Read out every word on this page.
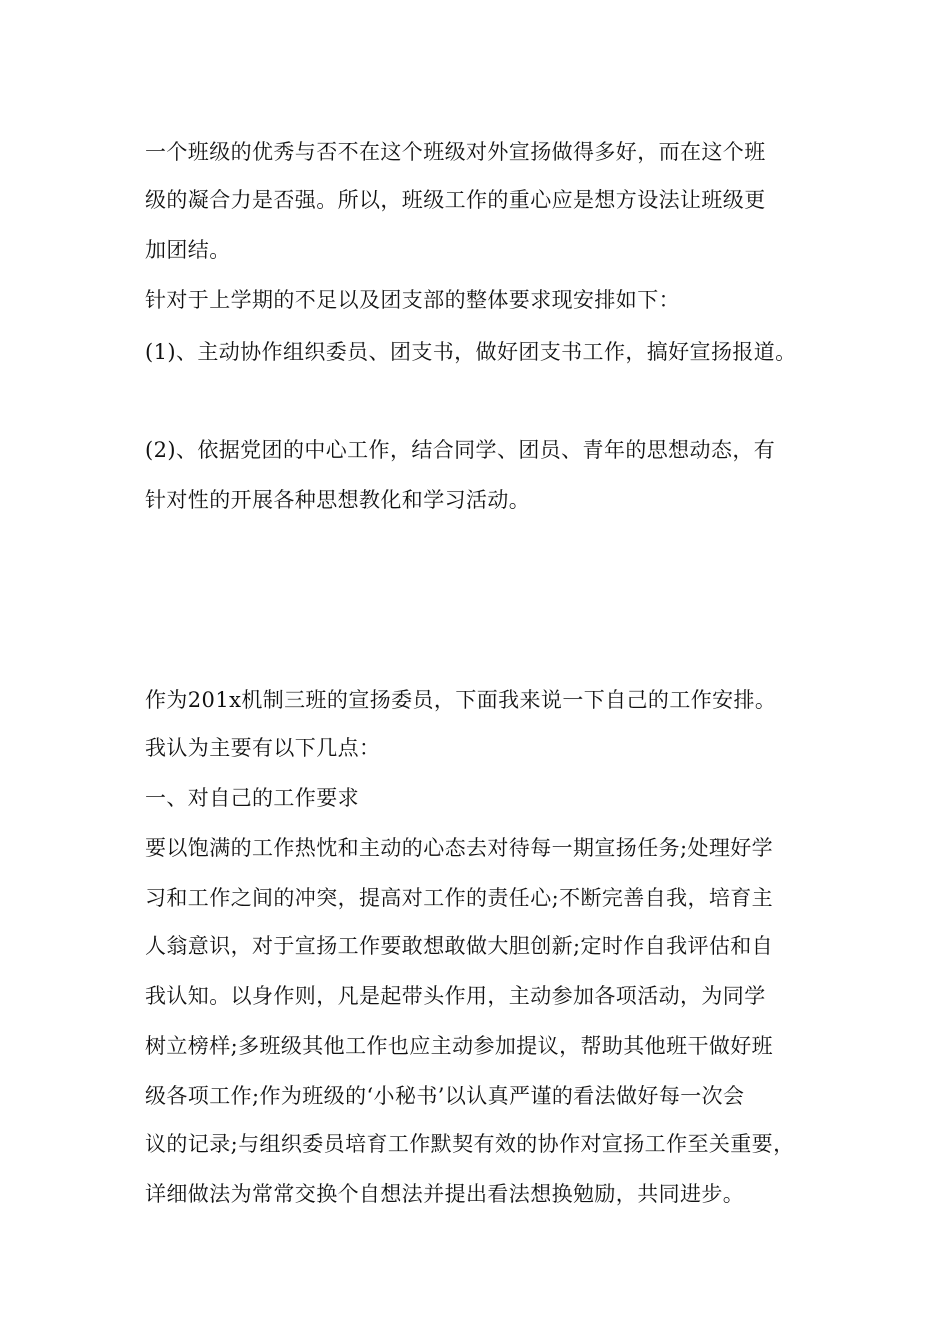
一个班级的优秀与否不在这个班级对外宣扬做得多好，而在这个班
级的凝合力是否强。所以，班级工作的重心应是想方设法让班级更
加团结。
针对于上学期的不足以及团支部的整体要求现安排如下：
(1)、主动协作组织委员、团支书，做好团支书工作，搞好宣扬报道。
(2)、依据党团的中心工作，结合同学、团员、青年的思想动态，有
针对性的开展各种思想教化和学习活动。
作为201x机制三班的宣扬委员，下面我来说一下自己的工作安排。
我认为主要有以下几点：
一、对自己的工作要求
要以饱满的工作热忱和主动的心态去对待每一期宣扬任务;处理好学
习和工作之间的冲突，提高对工作的责任心;不断完善自我，培育主
人翁意识，对于宣扬工作要敢想敢做大胆创新;定时作自我评估和自
我认知。以身作则，凡是起带头作用，主动参加各项活动，为同学
树立榜样;多班级其他工作也应主动参加提议，帮助其他班干做好班
级各项工作;作为班级的‘小秘书’以认真严谨的看法做好每一次会
议的记录;与组织委员培育工作默契有效的协作对宣扬工作至关重要，
详细做法为常常交换个自想法并提出看法想换勉励，共同进步。
